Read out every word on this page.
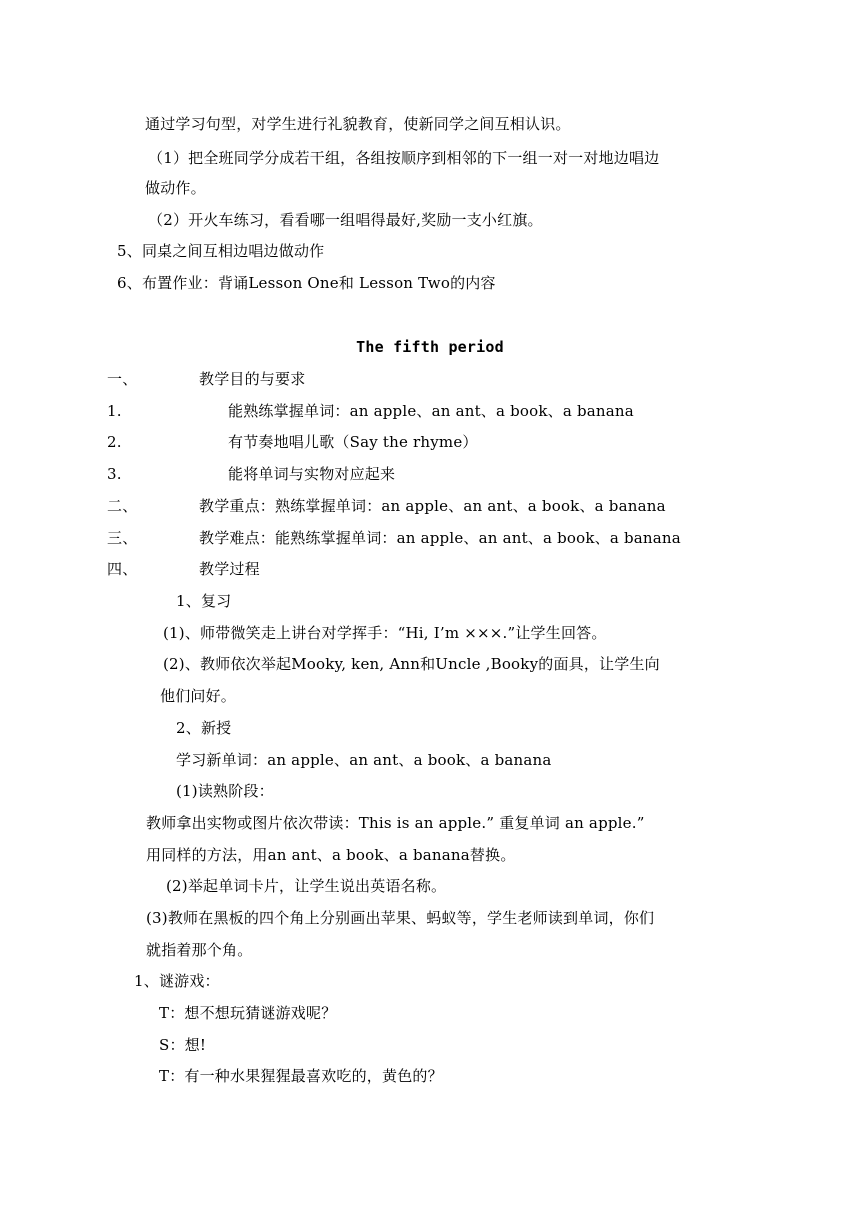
通过学习句型，对学生进行礼貌教育，使新同学之间互相认识。
（1）把全班同学分成若干组，各组按顺序到相邻的下一组一对一对地边唱边
做动作。
（2）开火车练习，看看哪一组唱得最好,奖励一支小红旗。
5、同桌之间互相边唱边做动作
6、布置作业：背诵Lesson One和 Lesson Two的内容
The fifth period
一、	教学目的与要求
1.	能熟练掌握单词：an apple、an ant、a book、a banana
2.	有节奏地唱儿歌（Say the rhyme）
3.	能将单词与实物对应起来
二、	教学重点：熟练掌握单词：an apple、an ant、a book、a banana
三、	教学难点：能熟练掌握单词：an apple、an ant、a book、a banana
四、	教学过程
1、复习
(1)、师带微笑走上讲台对学挥手：“Hi, I’m ×××.”让学生回答。
(2)、教师依次举起Mooky, ken, Ann和Uncle ,Booky的面具，让学生向
他们问好。
2、新授
学习新单词：an apple、an ant、a book、a banana
(1)读熟阶段：
教师拿出实物或图片依次带读：This is an apple.” 重复单词 an apple.”
用同样的方法，用an ant、a book、a banana替换。
(2)举起单词卡片，让学生说出英语名称。
(3)教师在黑板的四个角上分别画出苹果、蚂蚁等，学生老师读到单词，你们
就指着那个角。
1、谜游戏：
T：想不想玩猜谜游戏呢？
S：想!
T：有一种水果猩猩最喜欢吃的，黄色的？
